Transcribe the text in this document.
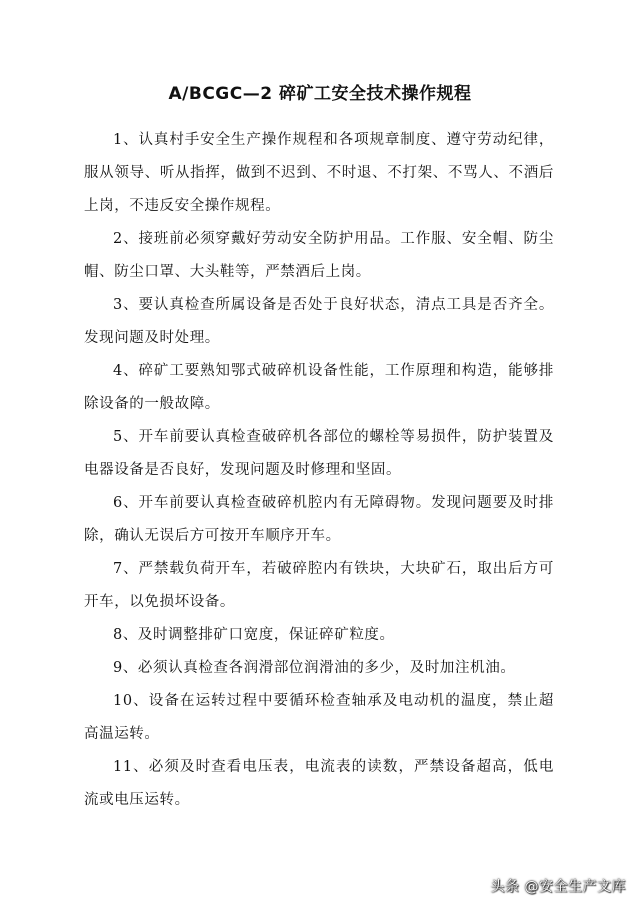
A/BCGC—2 碎矿工安全技术操作规程

1、认真村手安全生产操作规程和各项规章制度、遵守劳动纪律，服从领导、听从指挥，做到不迟到、不时退、不打架、不骂人、不酒后上岗，不违反安全操作规程。

2、接班前必须穿戴好劳动安全防护用品。工作服、安全帽、防尘帽、防尘口罩、大头鞋等，严禁酒后上岗。

3、要认真检查所属设备是否处于良好状态，清点工具是否齐全。发现问题及时处理。

4、碎矿工要熟知鄂式破碎机设备性能，工作原理和构造，能够排除设备的一般故障。

5、开车前要认真检查破碎机各部位的螺栓等易损件，防护装置及电器设备是否良好，发现问题及时修理和坚固。

6、开车前要认真检查破碎机腔内有无障碍物。发现问题要及时排除，确认无误后方可按开车顺序开车。

7、严禁载负荷开车，若破碎腔内有铁块，大块矿石，取出后方可开车，以免损坏设备。

8、及时调整排矿口宽度，保证碎矿粒度。

9、必须认真检查各润滑部位润滑油的多少，及时加注机油。

10、设备在运转过程中要循环检查轴承及电动机的温度，禁止超高温运转。

11、必须及时查看电压表，电流表的读数，严禁设备超高，低电流或电压运转。

头条 @安全生产文库
